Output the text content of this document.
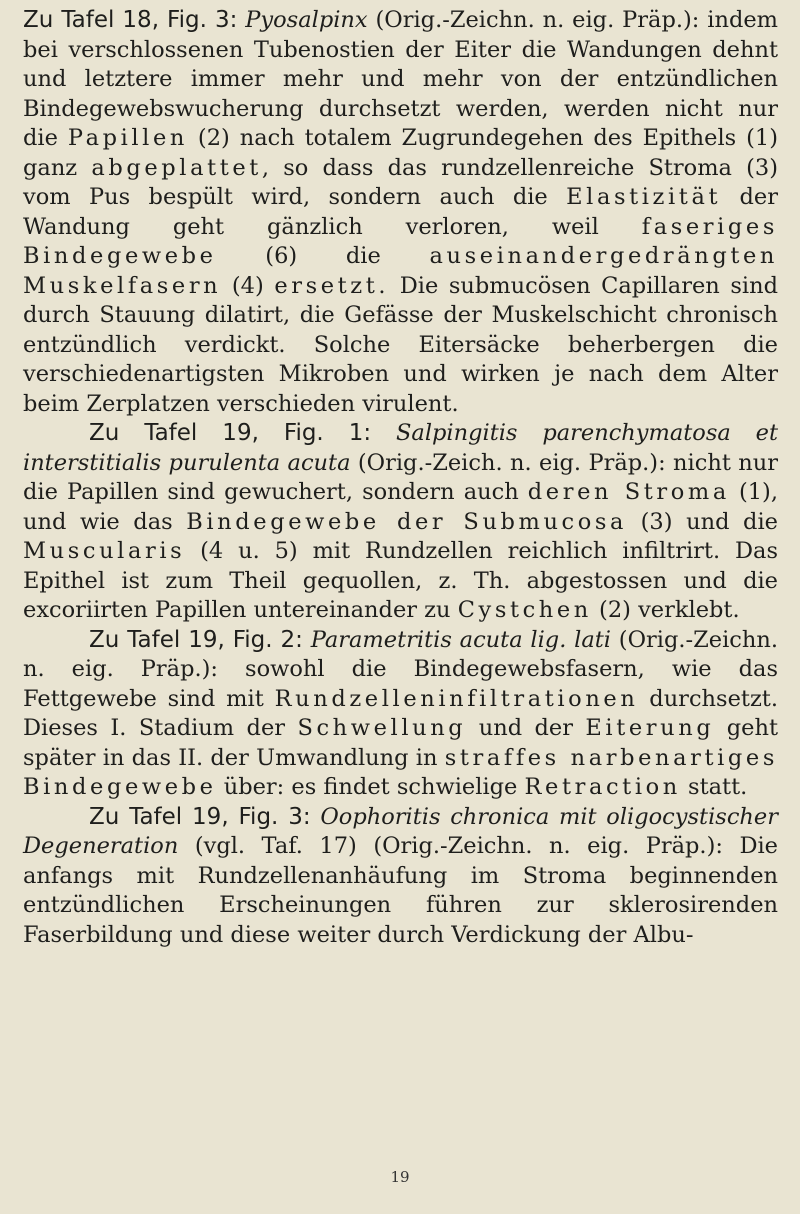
Zu Tafel 18, Fig. 3: Pyosalpinx (Orig.-Zeichn. n. eig. Präp.): indem bei verschlossenen Tubenostien der Eiter die Wandungen dehnt und letztere immer mehr und mehr von der entzündlichen Bindegewebswucherung durchsetzt werden, werden nicht nur die Papillen (2) nach totalem Zugrundegehen des Epithels (1) ganz abgeplattet, so dass das rundzellenreiche Stroma (3) vom Pus bespült wird, sondern auch die Elastizität der Wandung geht gänzlich verloren, weil faseriges Bindegewebe (6) die auseinandergedrängten Muskelfasern (4) ersetzt. Die submucösen Capillaren sind durch Stauung dilatirt, die Gefässe der Muskelschicht chronisch entzündlich verdickt. Solche Eitersäcke beherbergen die verschiedenartigsten Mikroben und wirken je nach dem Alter beim Zerplatzen verschieden virulent.

Zu Tafel 19, Fig. 1: Salpingitis parenchymatosa et interstitialis purulenta acuta (Orig.-Zeich. n. eig. Präp.): nicht nur die Papillen sind gewuchert, sondern auch deren Stroma (1), und wie das Bindegewebe der Submucosa (3) und die Muscularis (4 u. 5) mit Rundzellen reichlich infiltrirt. Das Epithel ist zum Theil gequollen, z. Th. abgestossen und die excoriirten Papillen untereinander zu Cystchen (2) verklebt.

Zu Tafel 19, Fig. 2: Parametritis acuta lig. lati (Orig.-Zeichn. n. eig. Präp.): sowohl die Bindegewebsfasern, wie das Fettgewebe sind mit Rundzelleninfiltrationen durchsetzt. Dieses I. Stadium der Schwellung und der Eiterung geht später in das II. der Umwandlung in straffes narbenartiges Bindegewebe über: es findet schwielige Retraction statt.

Zu Tafel 19, Fig. 3: Oophoritis chronica mit oligocystischer Degeneration (vgl. Taf. 17) (Orig.-Zeichn. n. eig. Präp.): Die anfangs mit Rundzellenanhäufung im Stroma beginnenden entzündlichen Erscheinungen führen zur sklerosirenden Faserbildung und diese weiter durch Verdickung der Albu-

19
